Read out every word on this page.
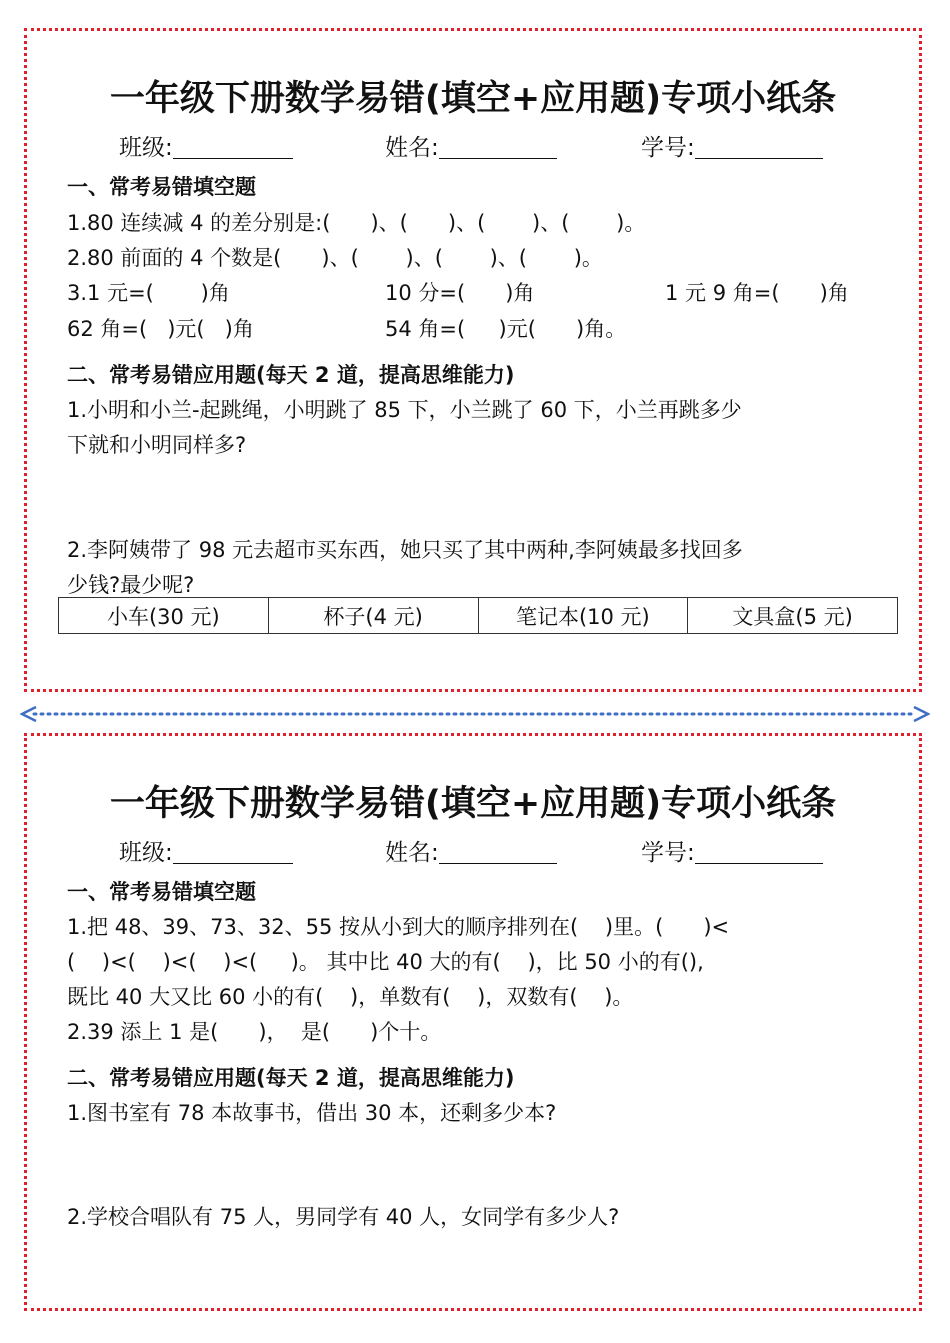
一年级下册数学易错(填空+应用题)专项小纸条
班级:	姓名:	学号:
一、常考易错填空题
1.80 连续减 4 的差分别是:(      )、(      )、(       )、(       )。
2.80 前面的 4 个数是(      )、(       )、(       )、(       )。
3.1 元=(       )角	10 分=(      )角	1 元 9 角=(      )角
62 角=(   )元(   )角	54 角=(     )元(      )角。
二、常考易错应用题(每天 2 道，提高思维能力)
1.小明和小兰-起跳绳，小明跳了 85 下，小兰跳了 60 下，小兰再跳多少
下就和小明同样多?
2.李阿姨带了 98 元去超市买东西，她只买了其中两种,李阿姨最多找回多
少钱?最少呢?
小车(30 元)	杯子(4 元)	笔记本(10 元)	文具盒(5 元)
一年级下册数学易错(填空+应用题)专项小纸条
班级:	姓名:	学号:
一、常考易错填空题
1.把 48、39、73、32、55 按从小到大的顺序排列在(    )里。(      )<
(    )<(    )<(    )<(     )。 其中比 40 大的有(    )，比 50 小的有(),
既比 40 大又比 60 小的有(    )，单数有(    )，双数有(    )。
2.39 添上 1 是(      )，  是(      )个十。
二、常考易错应用题(每天 2 道，提高思维能力)
1.图书室有 78 本故事书，借出 30 本，还剩多少本?
2.学校合唱队有 75 人，男同学有 40 人，女同学有多少人?
